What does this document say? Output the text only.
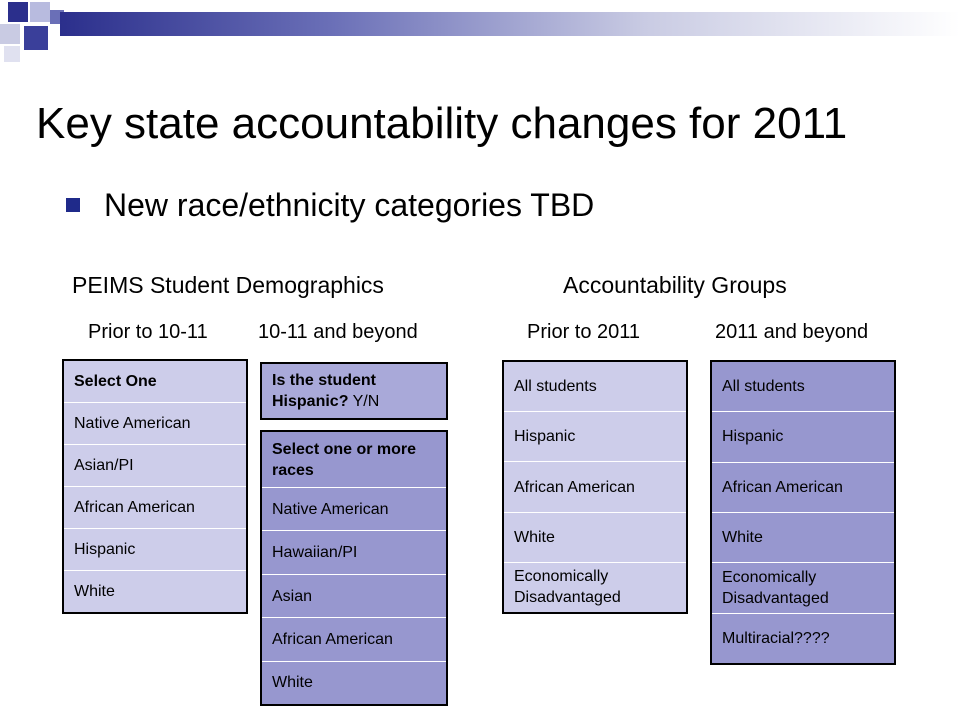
Key state accountability changes for 2011
New race/ethnicity categories TBD
PEIMS Student Demographics	Accountability Groups
Prior to 10-11	10-11 and beyond	Prior to 2011	2011 and beyond
Select One
Native American
Asian/PI
African American
Hispanic
White
Is the student Hispanic? Y/N
Select one or more races
Native American
Hawaiian/PI
Asian
African American
White
All students
Hispanic
African American
White
Economically Disadvantaged
All students
Hispanic
African American
White
Economically Disadvantaged
Multiracial????
